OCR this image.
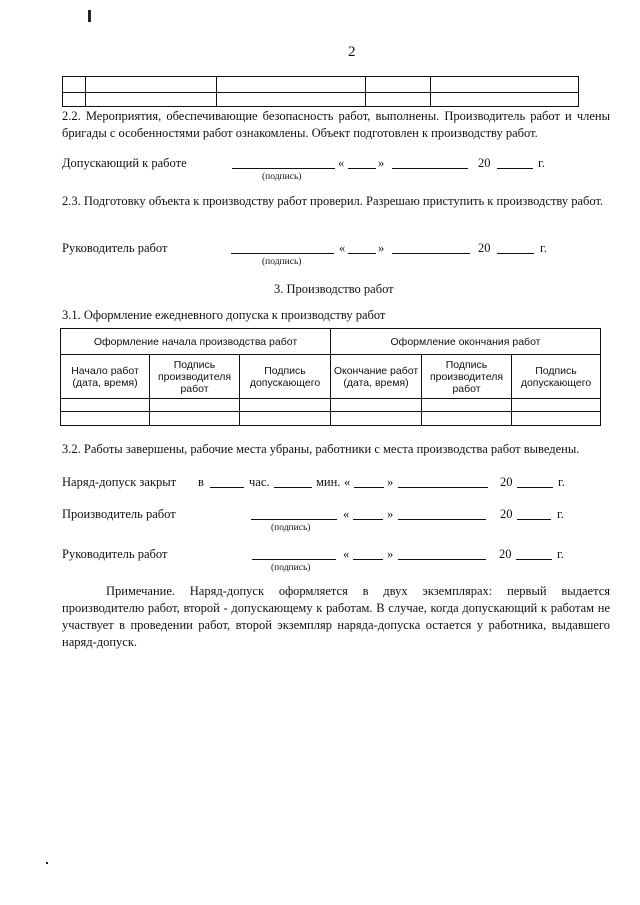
2

2.2. Мероприятия, обеспечивающие безопасность работ, выполнены. Производитель работ и члены бригады с особенностями работ ознакомлены. Объект подготовлен к производству работ.
Допускающий к работе	«	»	20	г.
(подпись)
2.3. Подготовку объекта к производству работ проверил. Разрешаю приступить к производству работ.
Руководитель работ	«	»	20	г.
(подпись)
3. Производство работ
3.1. Оформление ежедневного допуска к производству работ
Оформление начала производства работ			Оформление окончания работ		
Начало работ (дата, время)	Подпись производителя работ	Подпись допускающего	Окончание работ (дата, время)	Подпись производителя работ	Подпись допускающего

3.2. Работы завершены, рабочие места убраны, работники с места производства работ выведены.
Наряд-допуск закрыт в	час.	мин. «	»	20	г.
Производитель работ	«	»	20	г.
(подпись)
Руководитель работ	«	»	20	г.
(подпись)
Примечание. Наряд-допуск оформляется в двух экземплярах: первый выдается производителю работ, второй - допускающему к работам. В случае, когда допускающий к работам не участвует в проведении работ, второй экземпляр наряда-допуска остается у работника, выдавшего наряд-допуск.
